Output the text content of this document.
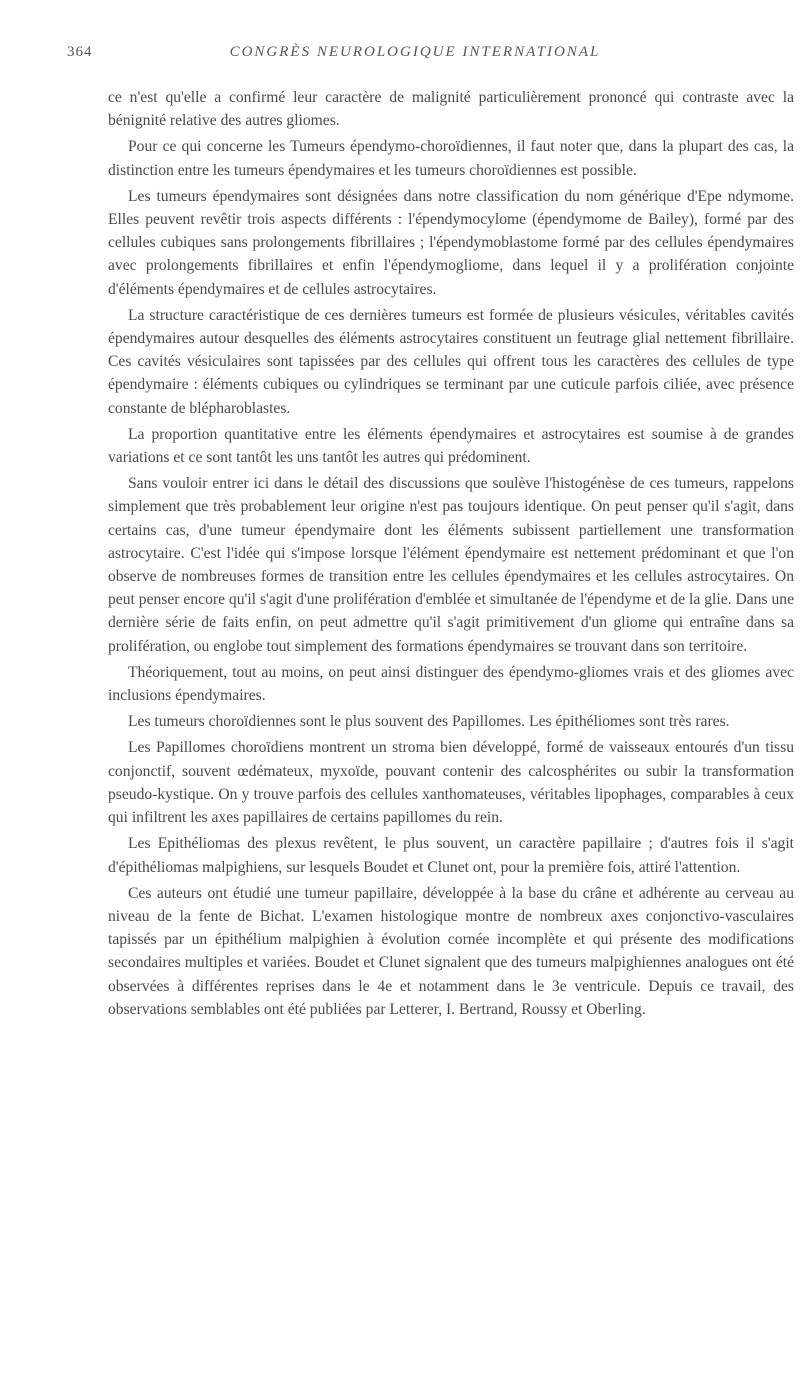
364	CONGRÈS NEUROLOGIQUE INTERNATIONAL

ce n'est qu'elle a confirmé leur caractère de malignité particulièrement prononcé qui contraste avec la bénignité relative des autres gliomes.

Pour ce qui concerne les Tumeurs épendymo-choroïdiennes, il faut noter que, dans la plupart des cas, la distinction entre les tumeurs épendymaires et les tumeurs choroïdiennes est possible.

Les tumeurs épendymaires sont désignées dans notre classification du nom générique d'Epe ndymome. Elles peuvent revêtir trois aspects différents : l'épendymocylome (épendymome de Bailey), formé par des cellules cubiques sans prolongements fibrillaires ; l'épendymoblastome formé par des cellules épendymaires avec prolongements fibrillaires et enfin l'épendymogliome, dans lequel il y a prolifération conjointe d'éléments épendymaires et de cellules astrocytaires.

La structure caractéristique de ces dernières tumeurs est formée de plusieurs vésicules, véritables cavités épendymaires autour desquelles des éléments astrocytaires constituent un feutrage glial nettement fibrillaire. Ces cavités vésiculaires sont tapissées par des cellules qui offrent tous les caractères des cellules de type épendymaire : éléments cubiques ou cylindriques se terminant par une cuticule parfois ciliée, avec présence constante de blépharoblastes.

La proportion quantitative entre les éléments épendymaires et astrocytaires est soumise à de grandes variations et ce sont tantôt les uns tantôt les autres qui prédominent.

Sans vouloir entrer ici dans le détail des discussions que soulève l'histogénèse de ces tumeurs, rappelons simplement que très probablement leur origine n'est pas toujours identique. On peut penser qu'il s'agit, dans certains cas, d'une tumeur épendymaire dont les éléments subissent partiellement une transformation astrocytaire. C'est l'idée qui s'impose lorsque l'élément épendymaire est nettement prédominant et que l'on observe de nombreuses formes de transition entre les cellules épendymaires et les cellules astrocytaires. On peut penser encore qu'il s'agit d'une prolifération d'emblée et simultanée de l'épendyme et de la glie. Dans une dernière série de faits enfin, on peut admettre qu'il s'agit primitivement d'un gliome qui entraîne dans sa prolifération, ou englobe tout simplement des formations épendymaires se trouvant dans son territoire.

Théoriquement, tout au moins, on peut ainsi distinguer des épendymo-gliomes vrais et des gliomes avec inclusions épendymaires.

Les tumeurs choroïdiennes sont le plus souvent des Papillomes. Les épithéliomes sont très rares.

Les Papillomes choroïdiens montrent un stroma bien développé, formé de vaisseaux entourés d'un tissu conjonctif, souvent œdémateux, myxoïde, pouvant contenir des calcosphérites ou subir la transformation pseudo-kystique. On y trouve parfois des cellules xanthomateuses, véritables lipophages, comparables à ceux qui infiltrent les axes papillaires de certains papillomes du rein.

Les Epithéliomas des plexus revêtent, le plus souvent, un caractère papillaire ; d'autres fois il s'agit d'épithéliomas malpighiens, sur lesquels Boudet et Clunet ont, pour la première fois, attiré l'attention.

Ces auteurs ont étudié une tumeur papillaire, développée à la base du crâne et adhérente au cerveau au niveau de la fente de Bichat. L'examen histologique montre de nombreux axes conjonctivo-vasculaires tapissés par un épithélium malpighien à évolution cornée incomplète et qui présente des modifications secondaires multiples et variées. Boudet et Clunet signalent que des tumeurs malpighiennes analogues ont été observées à différentes reprises dans le 4e et notamment dans le 3e ventricule. Depuis ce travail, des observations semblables ont été publiées par Letterer, I. Bertrand, Roussy et Oberling.
